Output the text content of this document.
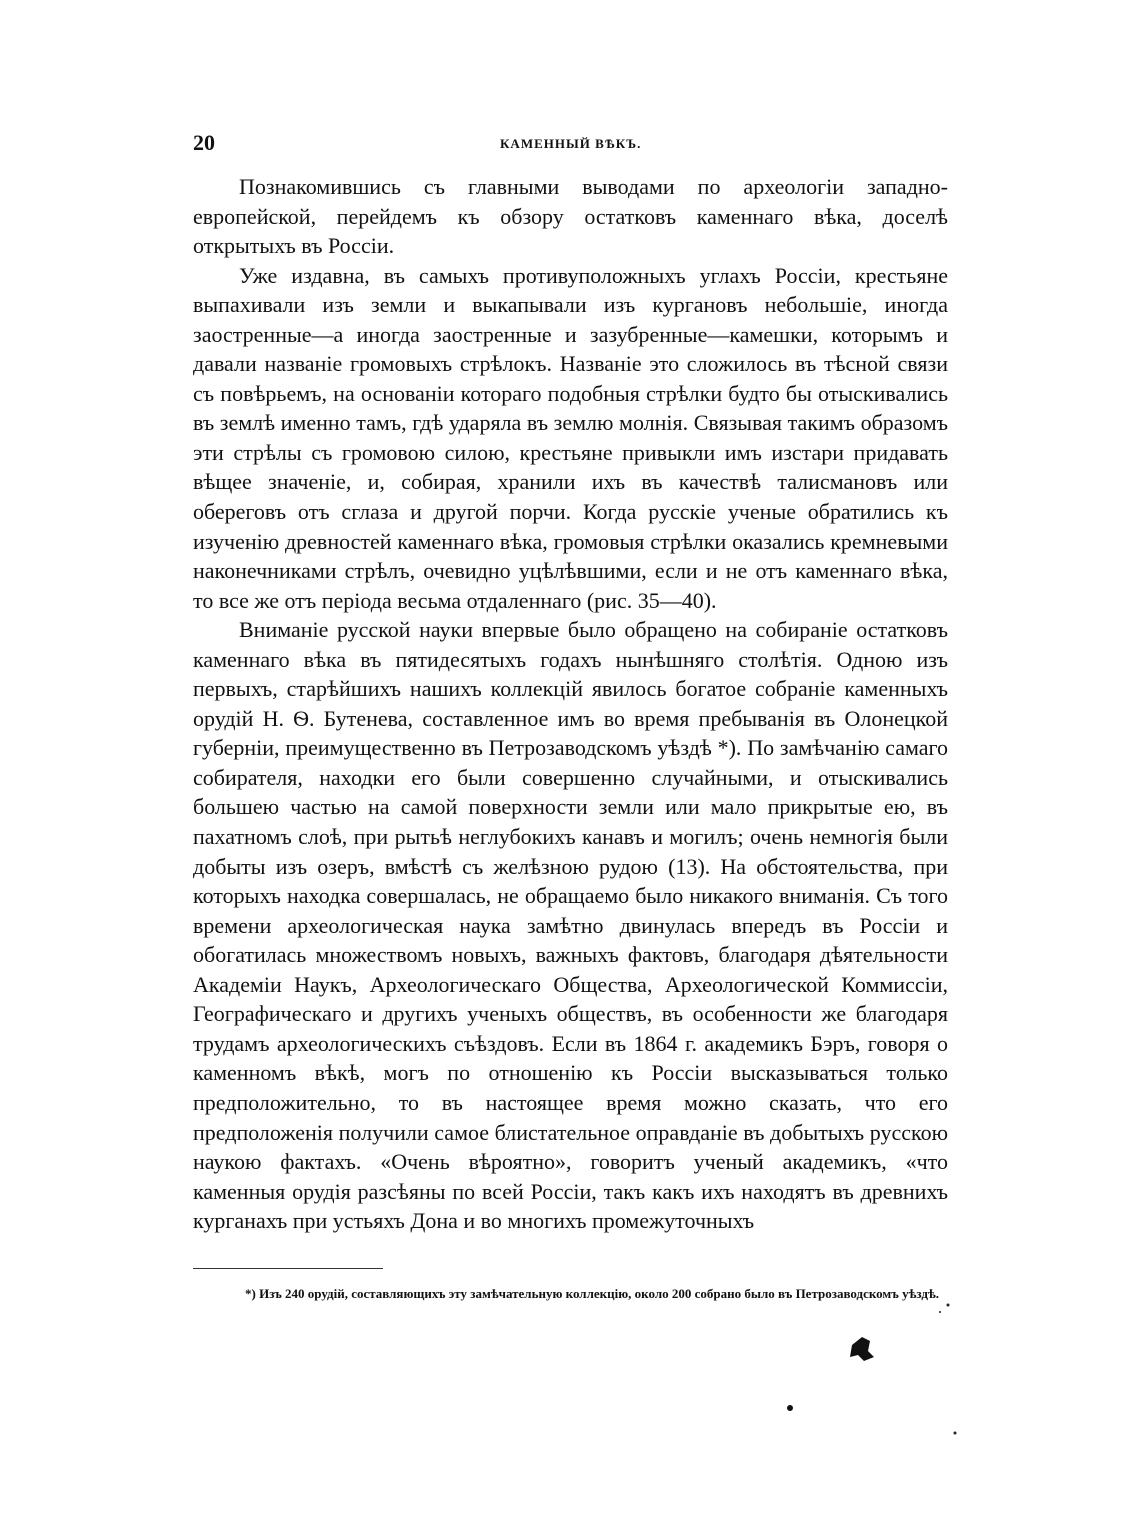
20	КАМЕННЫЙ ВѢКЪ.

Познакомившись съ главными выводами по археологіи западно-европейской, перейдемъ къ обзору остатковъ каменнаго вѣка, доселѣ открытыхъ въ Россіи.

Уже издавна, въ самыхъ противуположныхъ углахъ Россіи, крестьяне выпахивали изъ земли и выкапывали изъ кургановъ небольшіе, иногда заостренные—а иногда заостренные и зазубренные—камешки, которымъ и давали названіе громовыхъ стрѣлокъ. Названіе это сложилось въ тѣсной связи съ повѣрьемъ, на основаніи котораго подобныя стрѣлки будто бы отыскивались въ землѣ именно тамъ, гдѣ ударяла въ землю молнія. Связывая такимъ образомъ эти стрѣлы съ громовою силою, крестьяне привыкли имъ изстари придавать вѣщее значеніе, и, собирая, хранили ихъ въ качествѣ талисмановъ или обереговъ отъ сглаза и другой порчи. Когда русскіе ученые обратились къ изученію древностей каменнаго вѣка, громовыя стрѣлки оказались кремневыми наконечниками стрѣлъ, очевидно уцѣлѣвшими, если и не отъ каменнаго вѣка, то все же отъ періода весьма отдаленнаго (рис. 35—40).

Вниманіе русской науки впервые было обращено на собираніе остатковъ каменнаго вѣка въ пятидесятыхъ годахъ нынѣшняго столѣтія. Одною изъ первыхъ, старѣйшихъ нашихъ коллекцій явилось богатое собраніе каменныхъ орудій Н. Ѳ. Бутенева, составленное имъ во время пребыванія въ Олонецкой губерніи, преимущественно въ Петрозаводскомъ уѣздѣ *). По замѣчанію самаго собирателя, находки его были совершенно случайными, и отыскивались большею частью на самой поверхности земли или мало прикрытые ею, въ пахатномъ слоѣ, при рытьѣ неглубокихъ канавъ и могилъ; очень немногія были добыты изъ озеръ, вмѣстѣ съ желѣзною рудою (13). На обстоятельства, при которыхъ находка совершалась, не обращаемо было никакого вниманія. Съ того времени археологическая наука замѣтно двинулась впередъ въ Россіи и обогатилась множествомъ новыхъ, важныхъ фактовъ, благодаря дѣятельности Академіи Наукъ, Археологическаго Общества, Археологической Коммиссіи, Географическаго и другихъ ученыхъ обществъ, въ особенности же благодаря трудамъ археологическихъ съѣздовъ. Если въ 1864 г. академикъ Бэръ, говоря о каменномъ вѣкѣ, могъ по отношенію къ Россіи высказываться только предположительно, то въ настоящее время можно сказать, что его предположенія получили самое блистательное оправданіе въ добытыхъ русскою наукою фактахъ. «Очень вѣроятно», говоритъ ученый академикъ, «что каменныя орудія разсѣяны по всей Россіи, такъ какъ ихъ находятъ въ древнихъ курганахъ при устьяхъ Дона и во многихъ промежуточныхъ

*) Изъ 240 орудій, составляющихъ эту замѣчательную коллекцію, около 200 собрано было въ Петрозаводскомъ уѣздѣ.
